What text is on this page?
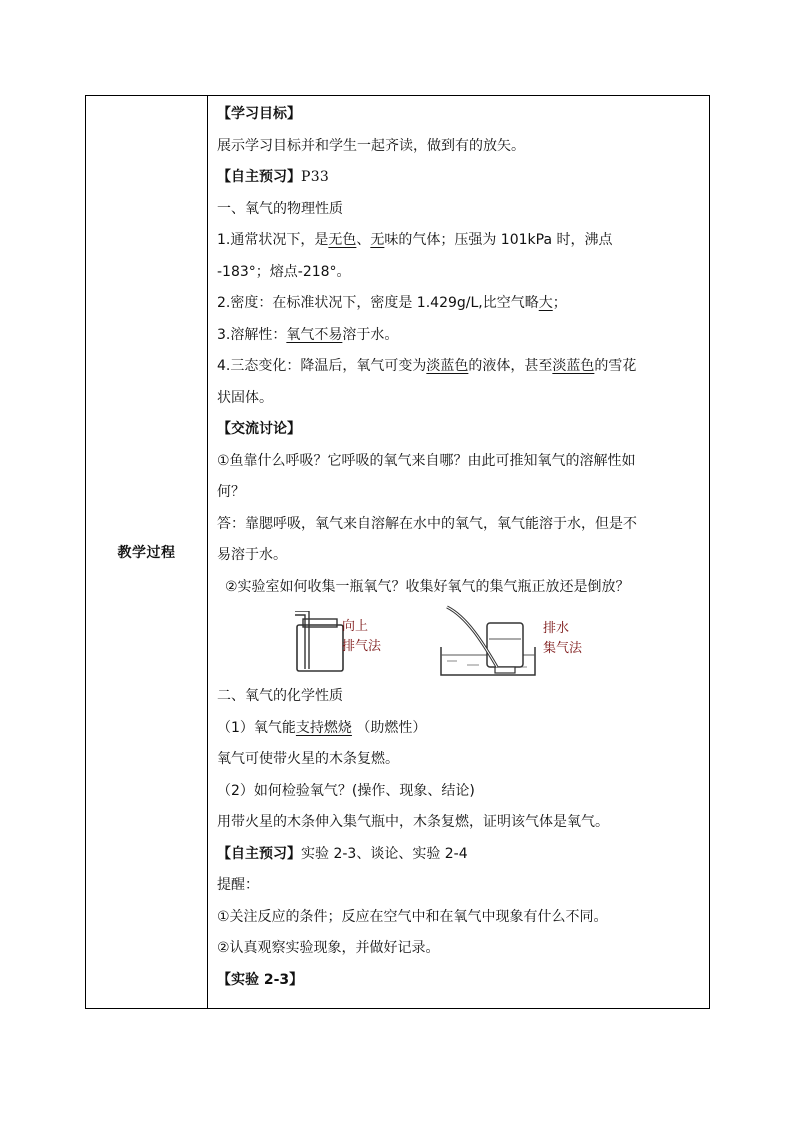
教学过程	
【学习目标】
展示学习目标并和学生一起齐读，做到有的放矢。
【自主预习】P33
一、氧气的物理性质
1.通常状况下，是无色、无味的气体；压强为 101kPa 时，沸点
-183°；熔点-218°。
2.密度：在标准状况下，密度是 1.429g/L,比空气略大；
3.溶解性：氧气不易溶于水。
4.三态变化：降温后，氧气可变为淡蓝色的液体，甚至淡蓝色的雪花
状固体。
【交流讨论】
①鱼靠什么呼吸？它呼吸的氧气来自哪？由此可推知氧气的溶解性如
何？
答：靠腮呼吸，氧气来自溶解在水中的氧气，氧气能溶于水，但是不
易溶于水。
②实验室如何收集一瓶氧气？收集好氧气的集气瓶正放还是倒放？
向上
排气法
排水
集气法
二、氧气的化学性质
（1）氧气能支持燃烧 （助燃性）
氧气可使带火星的木条复燃。
（2）如何检验氧气？(操作、现象、结论)
用带火星的木条伸入集气瓶中，木条复燃，证明该气体是氧气。
【自主预习】实验 2-3、谈论、实验 2-4
提醒：
①关注反应的条件；反应在空气中和在氧气中现象有什么不同。
②认真观察实验现象，并做好记录。
【实验 2-3】
